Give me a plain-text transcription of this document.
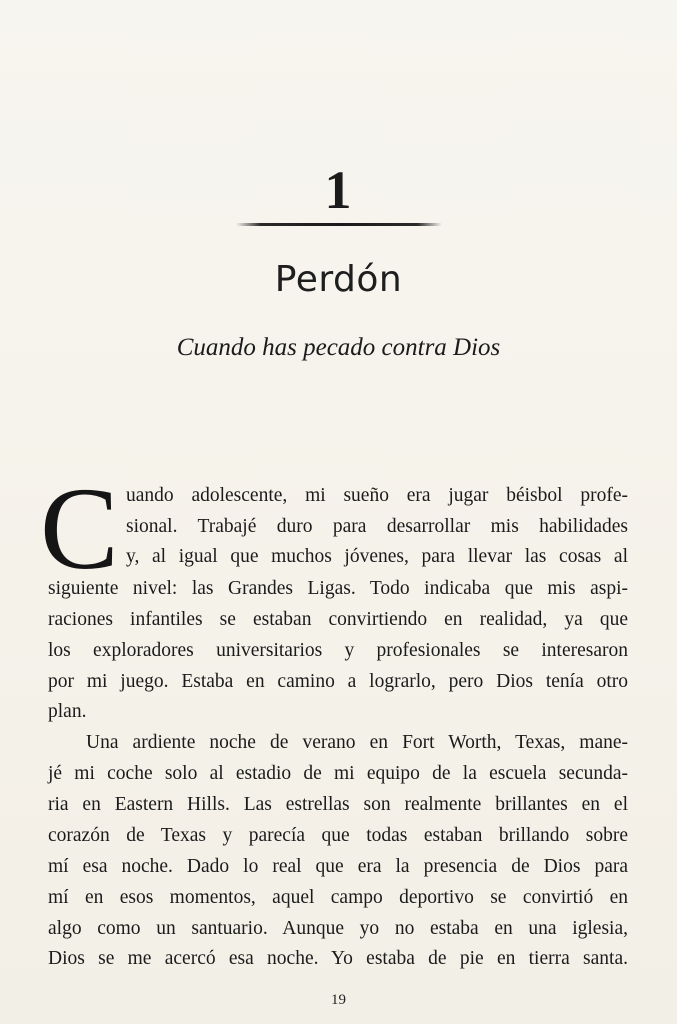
1
Perdón
Cuando has pecado contra Dios
C uando adolescente, mi sueño era jugar béisbol profe-
sional. Trabajé duro para desarrollar mis habilidades
y, al igual que muchos jóvenes, para llevar las cosas al
siguiente nivel: las Grandes Ligas. Todo indicaba que mis aspi-
raciones infantiles se estaban convirtiendo en realidad, ya que
los exploradores universitarios y profesionales se interesaron
por mi juego. Estaba en camino a lograrlo, pero Dios tenía otro
plan.
Una ardiente noche de verano en Fort Worth, Texas, mane-
jé mi coche solo al estadio de mi equipo de la escuela secunda-
ria en Eastern Hills. Las estrellas son realmente brillantes en el
corazón de Texas y parecía que todas estaban brillando sobre
mí esa noche. Dado lo real que era la presencia de Dios para
mí en esos momentos, aquel campo deportivo se convirtió en
algo como un santuario. Aunque yo no estaba en una iglesia,
Dios se me acercó esa noche. Yo estaba de pie en tierra santa.
19
